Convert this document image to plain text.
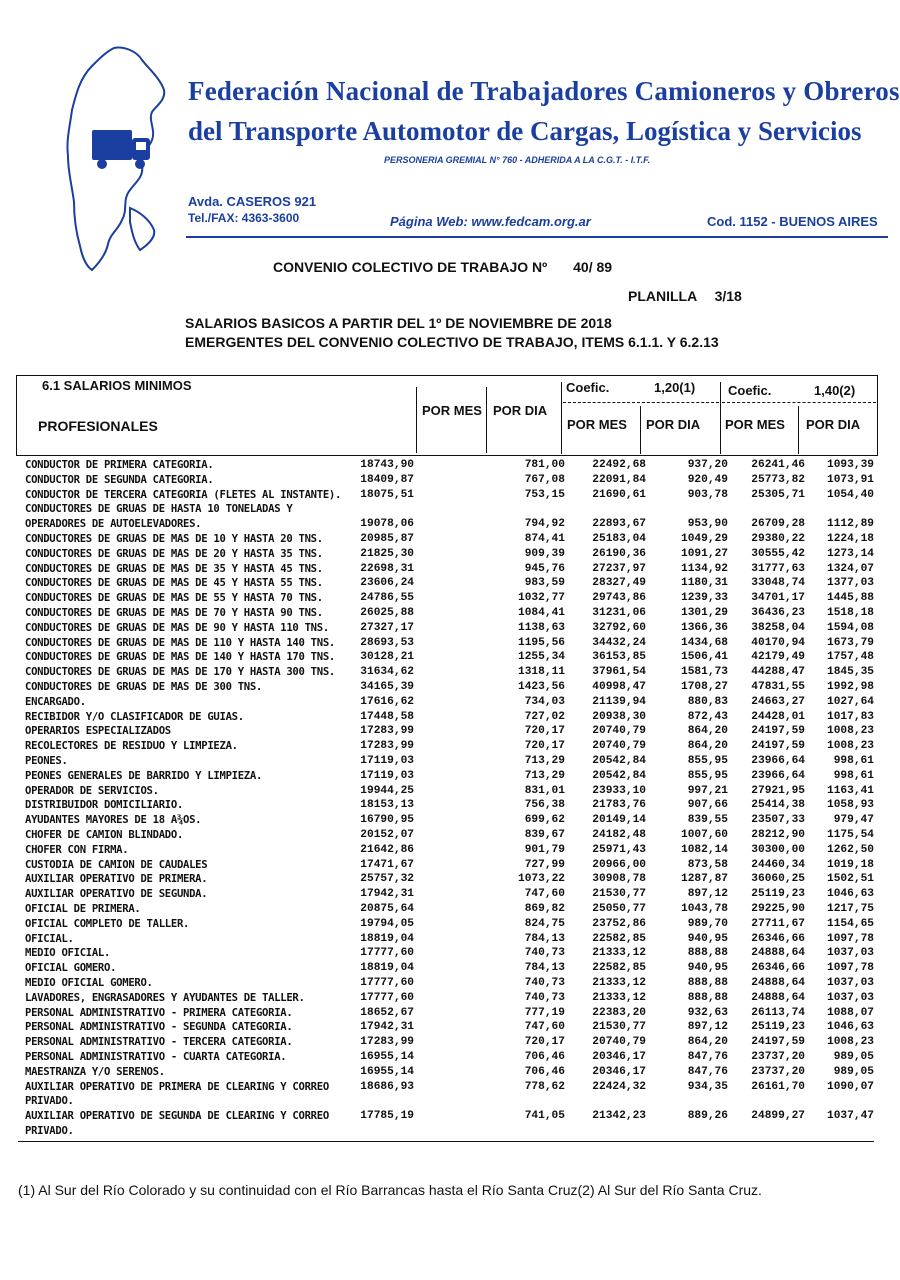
Federación Nacional de Trabajadores Camioneros y Obreros
del Transporte Automotor de Cargas, Logística y Servicios
PERSONERIA GREMIAL N° 760 - ADHERIDA A LA C.G.T. - I.T.F.
Avda. CASEROS 921
Tel./FAX: 4363-3600	Página Web: www.fedcam.org.ar	Cod. 1152 - BUENOS AIRES
CONVENIO COLECTIVO DE TRABAJO Nº 40/ 89
PLANILLA 3/18
SALARIOS BASICOS A PARTIR DEL 1º DE NOVIEMBRE DE 2018
EMERGENTES DEL CONVENIO COLECTIVO DE TRABAJO, ITEMS 6.1.1. Y 6.2.13
6.1 SALARIOS MINIMOS
PROFESIONALES
Coefic.	1,20(1)	Coefic.	1,40(2)
POR MES POR DIA
POR MES POR DIA POR MES POR DIA
CONDUCTOR DE PRIMERA CATEGORIA.	18743,90	781,00 22492,68	937,20 26241,46 1093,39
CONDUCTOR DE SEGUNDA CATEGORIA.	18409,87	767,08 22091,84	920,49 25773,82 1073,91
CONDUCTOR DE TERCERA CATEGORIA (FLETES AL INSTANTE). 18075,51	753,15 21690,61	903,78 25305,71 1054,40
CONDUCTORES DE GRUAS DE HASTA 10 TONELADAS Y
OPERADORES DE AUTOELEVADORES.	19078,06	794,92 22893,67	953,90 26709,28 1112,89
CONDUCTORES DE GRUAS DE MAS DE 10 Y HASTA 20 TNS.	20985,87	874,41 25183,04	1049,29 29380,22 1224,18
CONDUCTORES DE GRUAS DE MAS DE 20 Y HASTA 35 TNS.	21825,30	909,39 26190,36	1091,27 30555,42 1273,14
CONDUCTORES DE GRUAS DE MAS DE 35 Y HASTA 45 TNS.	22698,31	945,76 27237,97	1134,92 31777,63 1324,07
CONDUCTORES DE GRUAS DE MAS DE 45 Y HASTA 55 TNS.	23606,24	983,59 28327,49	1180,31 33048,74 1377,03
CONDUCTORES DE GRUAS DE MAS DE 55 Y HASTA 70 TNS.	24786,55	1032,77 29743,86	1239,33 34701,17 1445,88
CONDUCTORES DE GRUAS DE MAS DE 70 Y HASTA 90 TNS.	26025,88	1084,41 31231,06	1301,29 36436,23 1518,18
CONDUCTORES DE GRUAS DE MAS DE 90 Y HASTA 110 TNS.	27327,17	1138,63 32792,60	1366,36 38258,04 1594,08
CONDUCTORES DE GRUAS DE MAS DE 110 Y HASTA 140 TNS. 28693,53	1195,56 34432,24	1434,68 40170,94 1673,79
CONDUCTORES DE GRUAS DE MAS DE 140 Y HASTA 170 TNS. 30128,21	1255,34 36153,85	1506,41 42179,49 1757,48
CONDUCTORES DE GRUAS DE MAS DE 170 Y HASTA 300 TNS. 31634,62	1318,11 37961,54	1581,73 44288,47 1845,35
CONDUCTORES DE GRUAS DE MAS DE 300 TNS.	34165,39	1423,56 40998,47	1708,27 47831,55 1992,98
ENCARGADO.	17616,62	734,03 21139,94	880,83 24663,27 1027,64
RECIBIDOR Y/O CLASIFICADOR DE GUIAS.	17448,58	727,02 20938,30	872,43 24428,01 1017,83
OPERARIOS ESPECIALIZADOS	17283,99	720,17 20740,79	864,20 24197,59 1008,23
RECOLECTORES DE RESIDUO Y LIMPIEZA.	17283,99	720,17 20740,79	864,20 24197,59 1008,23
PEONES.	17119,03	713,29 20542,84	855,95 23966,64	998,61
PEONES GENERALES DE BARRIDO Y LIMPIEZA.	17119,03	713,29 20542,84	855,95 23966,64	998,61
OPERADOR DE SERVICIOS.	19944,25	831,01 23933,10	997,21 27921,95 1163,41
DISTRIBUIDOR DOMICILIARIO.	18153,13	756,38 21783,76	907,66 25414,38 1058,93
AYUDANTES MAYORES DE 18 A¾OS.	16790,95	699,62 20149,14	839,55 23507,33	979,47
CHOFER DE CAMION BLINDADO.	20152,07	839,67 24182,48	1007,60 28212,90 1175,54
CHOFER CON FIRMA.	21642,86	901,79 25971,43	1082,14 30300,00 1262,50
CUSTODIA DE CAMION DE CAUDALES	17471,67	727,99 20966,00	873,58 24460,34 1019,18
AUXILIAR OPERATIVO DE PRIMERA.	25757,32	1073,22 30908,78	1287,87 36060,25 1502,51
AUXILIAR OPERATIVO DE SEGUNDA.	17942,31	747,60 21530,77	897,12 25119,23 1046,63
OFICIAL DE PRIMERA.	20875,64	869,82 25050,77	1043,78 29225,90 1217,75
OFICIAL COMPLETO DE TALLER.	19794,05	824,75 23752,86	989,70 27711,67 1154,65
OFICIAL.	18819,04	784,13 22582,85	940,95 26346,66 1097,78
MEDIO OFICIAL.	17777,60	740,73 21333,12	888,88 24888,64 1037,03
OFICIAL GOMERO.	18819,04	784,13 22582,85	940,95 26346,66 1097,78
MEDIO OFICIAL GOMERO.	17777,60	740,73 21333,12	888,88 24888,64 1037,03
LAVADORES, ENGRASADORES Y AYUDANTES DE TALLER.	17777,60	740,73 21333,12	888,88 24888,64 1037,03
PERSONAL ADMINISTRATIVO - PRIMERA CATEGORIA.	18652,67	777,19 22383,20	932,63 26113,74 1088,07
PERSONAL ADMINISTRATIVO - SEGUNDA CATEGORIA.	17942,31	747,60 21530,77	897,12 25119,23 1046,63
PERSONAL ADMINISTRATIVO - TERCERA CATEGORIA.	17283,99	720,17 20740,79	864,20 24197,59 1008,23
PERSONAL ADMINISTRATIVO - CUARTA CATEGORIA.	16955,14	706,46 20346,17	847,76 23737,20	989,05
MAESTRANZA Y/O SERENOS.	16955,14	706,46 20346,17	847,76 23737,20	989,05
AUXILIAR OPERATIVO DE PRIMERA DE CLEARING Y CORREO	18686,93	778,62 22424,32	934,35 26161,70 1090,07
PRIVADO.
AUXILIAR OPERATIVO DE SEGUNDA DE CLEARING Y CORREO	17785,19	741,05 21342,23	889,26 24899,27 1037,47
PRIVADO.
(1) Al Sur del Río Colorado y su continuidad con el Río Barrancas hasta el Río Santa Cruz(2) Al Sur del Río Santa Cruz.
